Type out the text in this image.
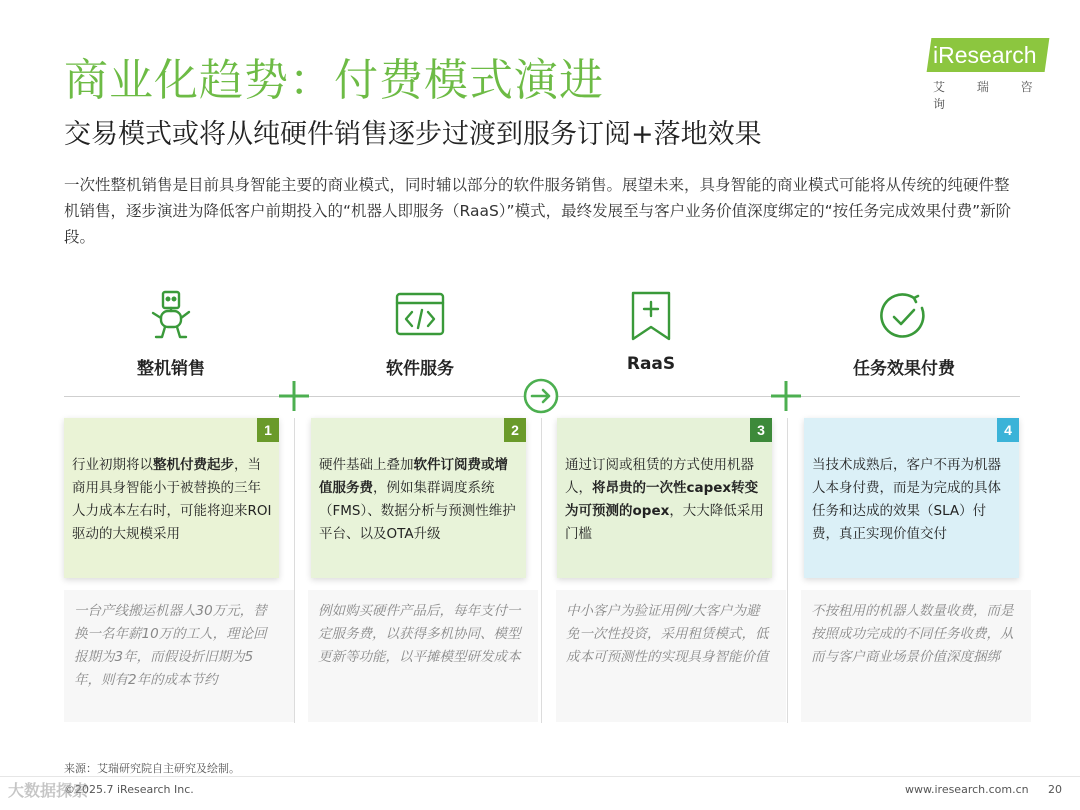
商业化趋势：付费模式演进
交易模式或将从纯硬件销售逐步过渡到服务订阅+落地效果
iResearch
艾 瑞 咨 询
一次性整机销售是目前具身智能主要的商业模式，同时辅以部分的软件服务销售。展望未来，具身智能的商业模式可能将从传统的纯硬件整机销售，逐步演进为降低客户前期投入的“机器人即服务（RaaS）”模式，最终发展至与客户业务价值深度绑定的“按任务完成效果付费”新阶段。
整机销售	软件服务	RaaS	任务效果付费
1
行业初期将以整机付费起步，当商用具身智能小于被替换的三年人力成本左右时，可能将迎来ROI驱动的大规模采用
2
硬件基础上叠加软件订阅费或增值服务费，例如集群调度系统（FMS）、数据分析与预测性维护平台、以及OTA升级
3
通过订阅或租赁的方式使用机器人，将昂贵的一次性capex转变为可预测的opex，大大降低采用门槛
4
当技术成熟后，客户不再为机器人本身付费，而是为完成的具体任务和达成的效果（SLA）付费，真正实现价值交付
一台产线搬运机器人30万元，替换一名年薪10万的工人，理论回报期为3年，而假设折旧期为5年，则有2年的成本节约
例如购买硬件产品后，每年支付一定服务费，以获得多机协同、模型更新等功能，以平摊模型研发成本
中小客户为验证用例/大客户为避免一次性投资，采用租赁模式，低成本可预测性的实现具身智能价值
不按租用的机器人数量收费，而是按照成功完成的不同任务收费，从而与客户商业场景价值深度捆绑
来源：艾瑞研究院自主研究及绘制。
©2025.7 iResearch Inc.	www.iresearch.com.cn 20
大数据探索
